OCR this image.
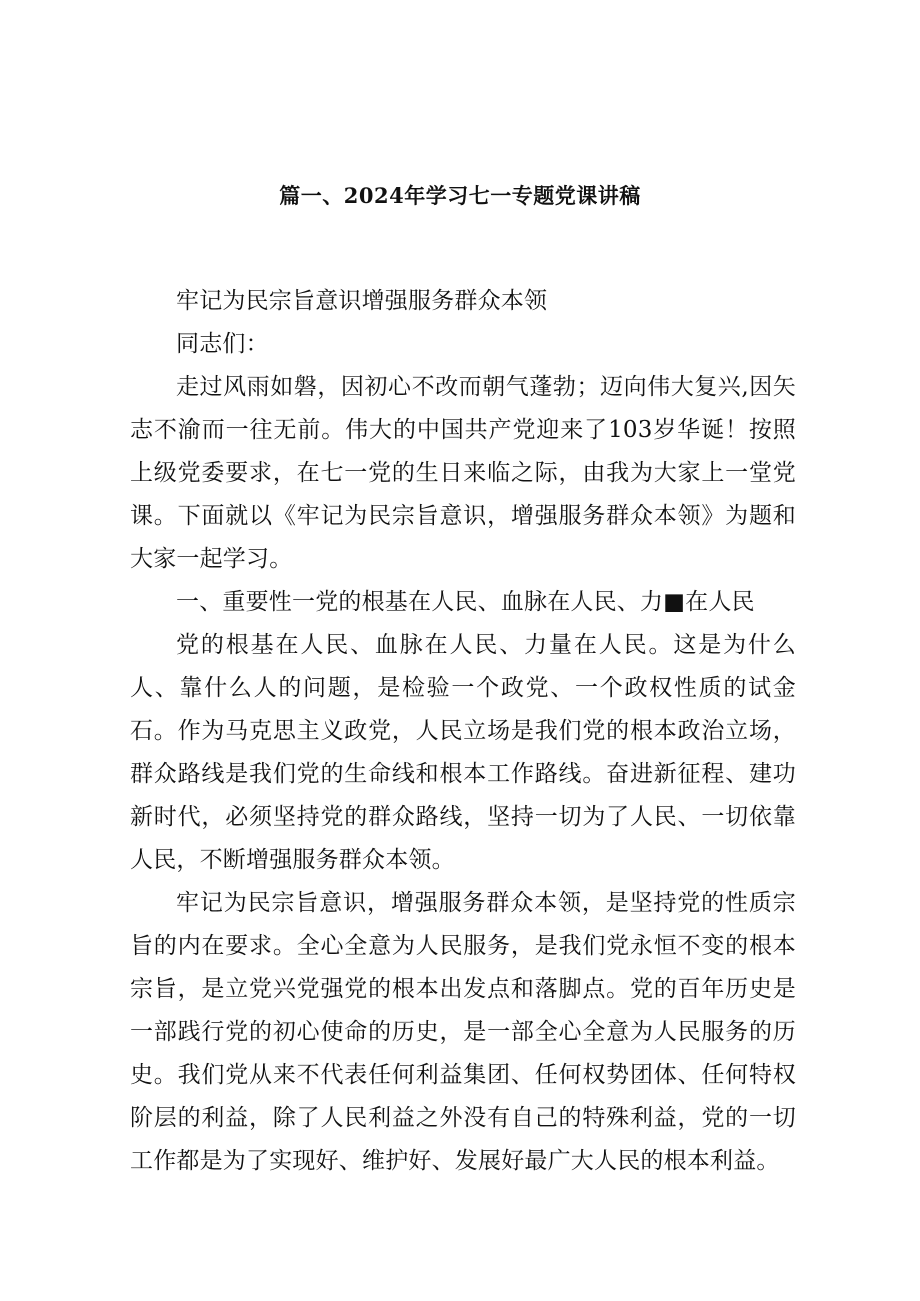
篇一、2024年学习七一专题党课讲稿

牢记为民宗旨意识增强服务群众本领

同志们：

走过风雨如磐，因初心不改而朝气蓬勃；迈向伟大复兴,因矢志不渝而一往无前。伟大的中国共产党迎来了103岁华诞！按照上级党委要求，在七一党的生日来临之际，由我为大家上一堂党课。下面就以《牢记为民宗旨意识，增强服务群众本领》为题和大家一起学习。

一、重要性一党的根基在人民、血脉在人民、力■在人民

党的根基在人民、血脉在人民、力量在人民。这是为什么人、靠什么人的问题，是检验一个政党、一个政权性质的试金石。作为马克思主义政党，人民立场是我们党的根本政治立场，群众路线是我们党的生命线和根本工作路线。奋进新征程、建功新时代，必须坚持党的群众路线，坚持一切为了人民、一切依靠人民，不断增强服务群众本领。

牢记为民宗旨意识，增强服务群众本领，是坚持党的性质宗旨的内在要求。全心全意为人民服务，是我们党永恒不变的根本宗旨，是立党兴党强党的根本出发点和落脚点。党的百年历史是一部践行党的初心使命的历史，是一部全心全意为人民服务的历史。我们党从来不代表任何利益集团、任何权势团体、任何特权阶层的利益，除了人民利益之外没有自己的特殊利益，党的一切工作都是为了实现好、维护好、发展好最广大人民的根本利益。
